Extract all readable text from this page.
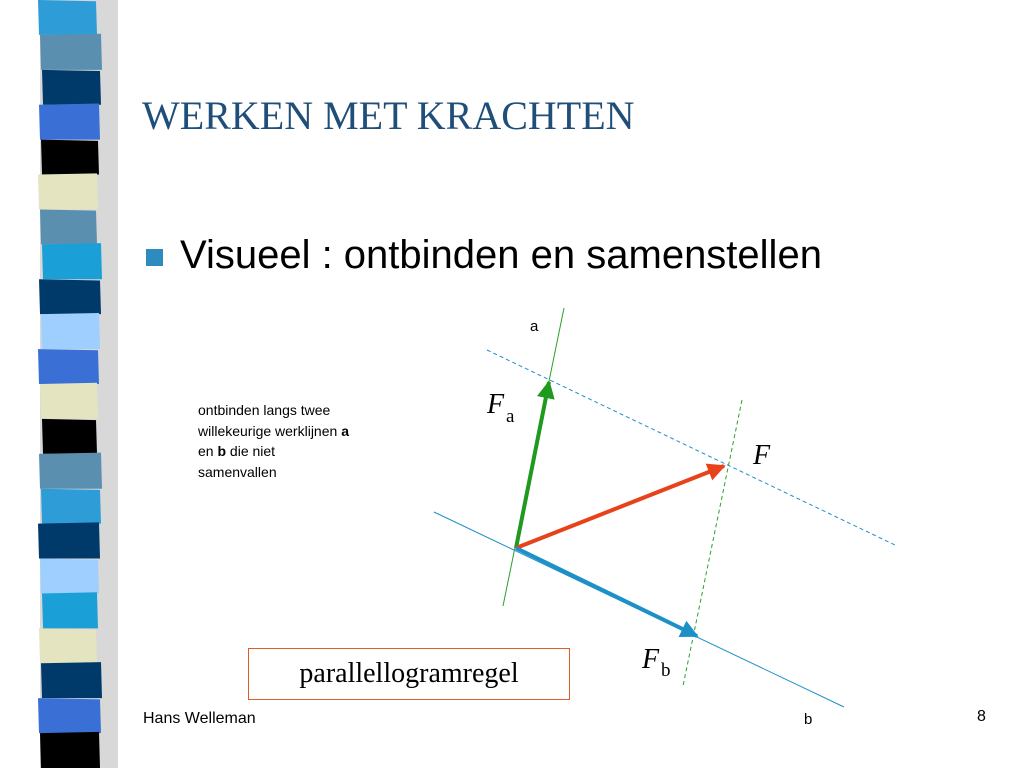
WERKEN MET KRACHTEN
Visueel : ontbinden en samenstellen
ontbinden langs twee
willekeurige werklijnen a
en b die niet
samenvallen
a
b
F a
F
F b
parallellogramregel
Hans Welleman	8
